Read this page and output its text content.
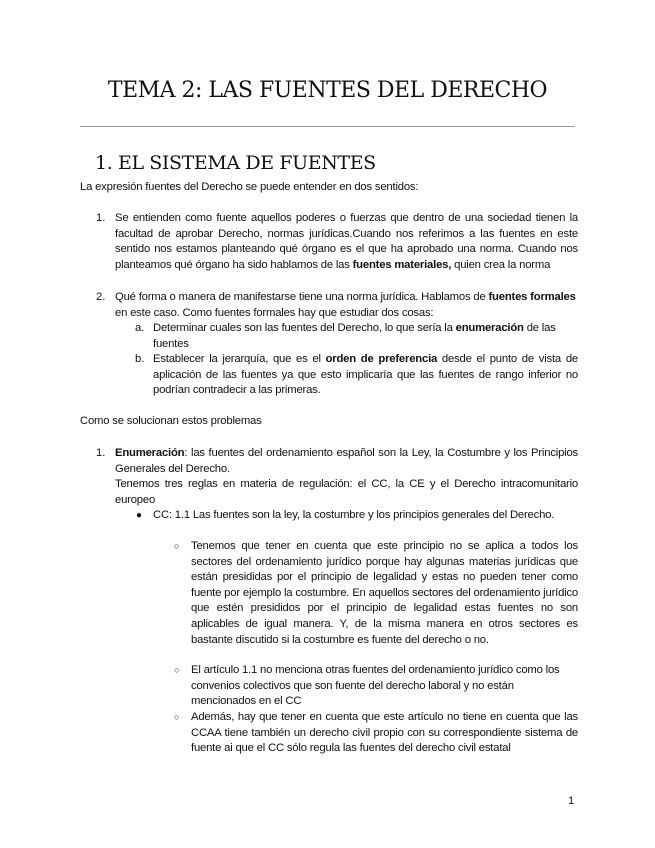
TEMA 2: LAS FUENTES DEL DERECHO
1. EL SISTEMA DE FUENTES
La expresión fuentes del Derecho se puede entender en dos sentidos:
1. Se entienden como fuente aquellos poderes o fuerzas que dentro de una sociedad tienen la facultad de aprobar Derecho, normas jurídicas.Cuando nos referimos a las fuentes en este sentido nos estamos planteando qué órgano es el que ha aprobado una norma. Cuando nos planteamos qué órgano ha sido hablamos de las fuentes materiales, quien crea la norma
2. Qué forma o manera de manifestarse tiene una norma jurídica. Hablamos de fuentes formales en este caso. Como fuentes formales hay que estudiar dos cosas:
a. Determinar cuales son las fuentes del Derecho, lo que sería la enumeración de las fuentes
b. Establecer la jerarquía, que es el orden de preferencia desde el punto de vista de aplicación de las fuentes ya que esto implicaría que las fuentes de rango inferior no podrían contradecir a las primeras.
Como se solucionan estos problemas
1. Enumeración: las fuentes del ordenamiento español son la Ley, la Costumbre y los Principios Generales del Derecho.
Tenemos tres reglas en materia de regulación: el CC, la CE y el Derecho intracomunitario europeo
● CC: 1.1 Las fuentes son la ley, la costumbre y los principios generales del Derecho.
○ Tenemos que tener en cuenta que este principio no se aplica a todos los sectores del ordenamiento jurídico porque hay algunas materias jurídicas que están presididas por el principio de legalidad y estas no pueden tener como fuente por ejemplo la costumbre. En aquellos sectores del ordenamiento jurídico que estén presididos por el principio de legalidad estas fuentes no son aplicables de igual manera. Y, de la misma manera en otros sectores es bastante discutido si la costumbre es fuente del derecho o no.
○ El artículo 1.1 no menciona otras fuentes del ordenamiento jurídico como los convenios colectivos que son fuente del derecho laboral y no están mencionados en el CC
○ Además, hay que tener en cuenta que este artículo no tiene en cuenta que las CCAA tiene también un derecho civil propio con su correspondiente sistema de fuente ai que el CC sólo regula las fuentes del derecho civil estatal
1
